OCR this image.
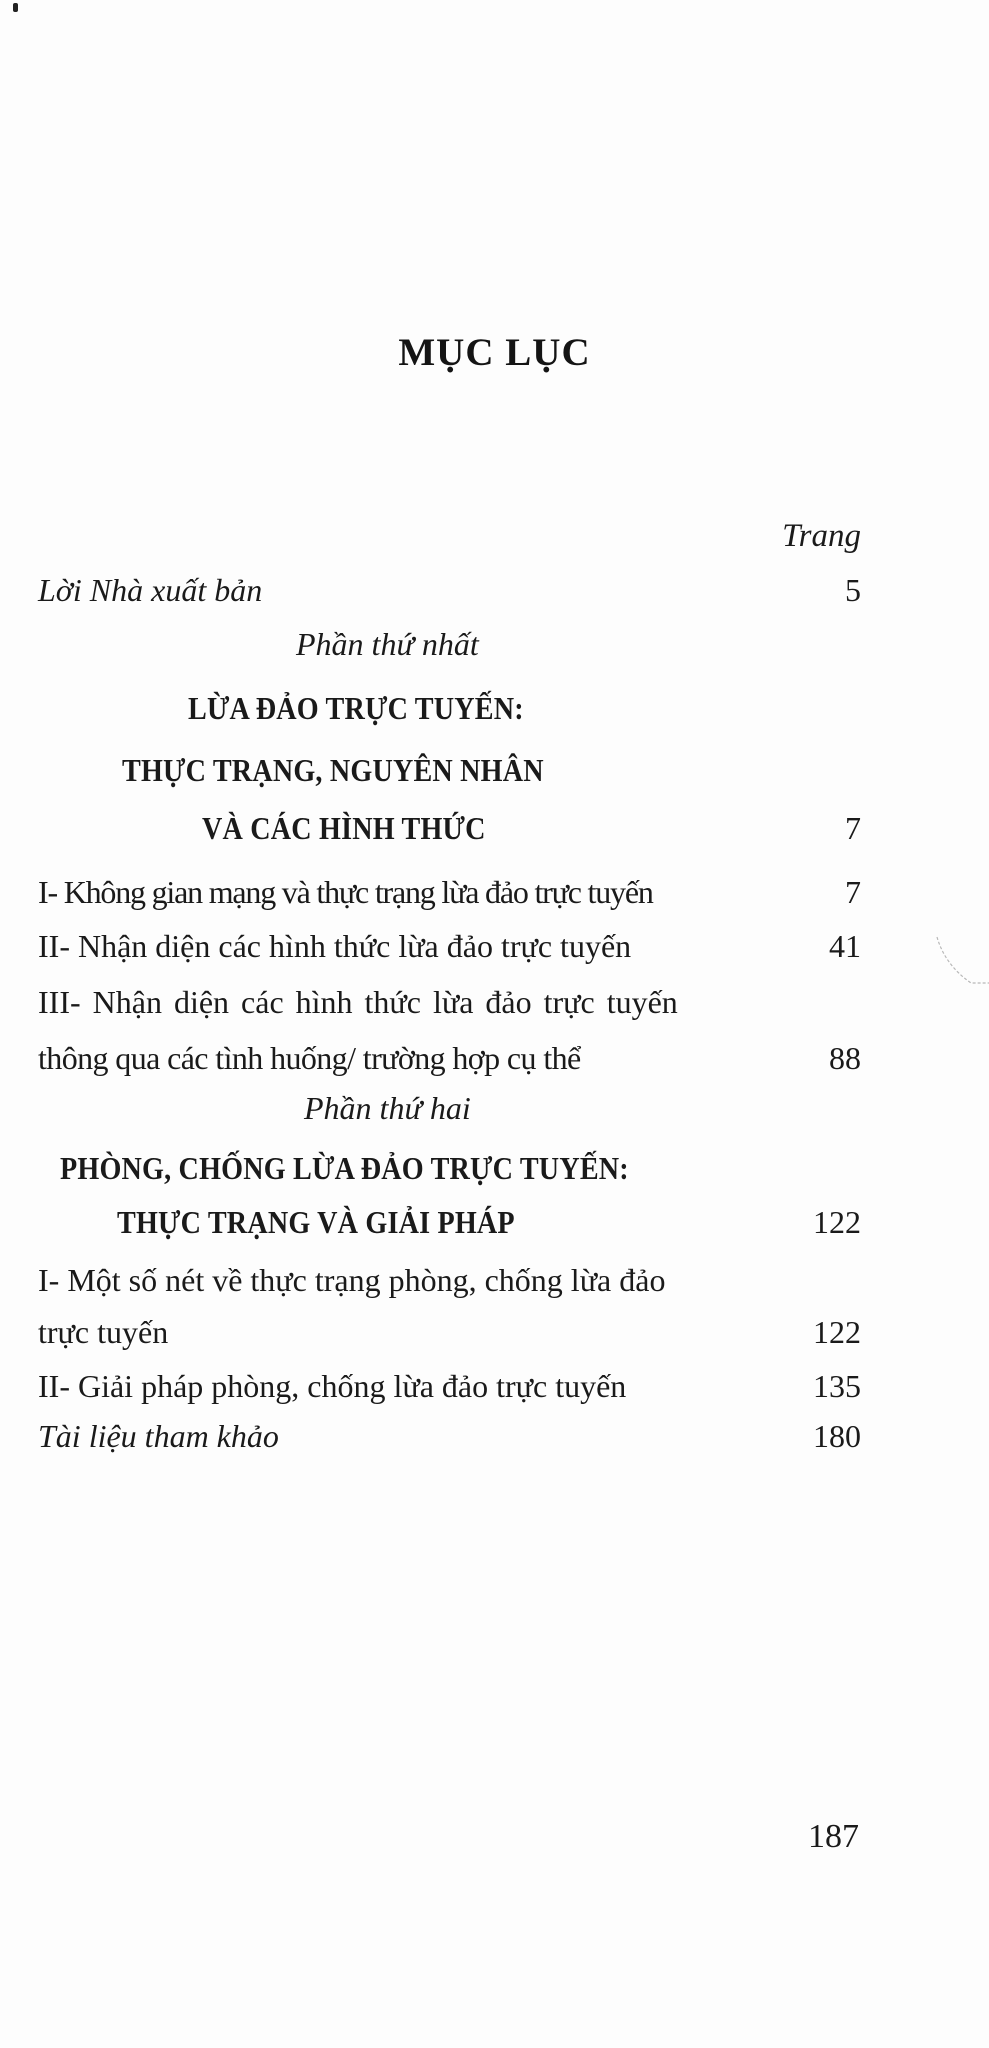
MỤC LỤC
Trang
Lời Nhà xuất bản	5
Phần thứ nhất
LỪA ĐẢO TRỰC TUYẾN:
THỰC TRẠNG, NGUYÊN NHÂN
VÀ CÁC HÌNH THỨC	7
I- Không gian mạng và thực trạng lừa đảo trực tuyến	7
II- Nhận diện các hình thức lừa đảo trực tuyến	41
III- Nhận diện các hình thức lừa đảo trực tuyến
thông qua các tình huống/ trường hợp cụ thể	88
Phần thứ hai
PHÒNG, CHỐNG LỪA ĐẢO TRỰC TUYẾN:
THỰC TRẠNG VÀ GIẢI PHÁP	122
I- Một số nét về thực trạng phòng, chống lừa đảo
trực tuyến	122
II- Giải pháp phòng, chống lừa đảo trực tuyến	135
Tài liệu tham khảo	180
187
